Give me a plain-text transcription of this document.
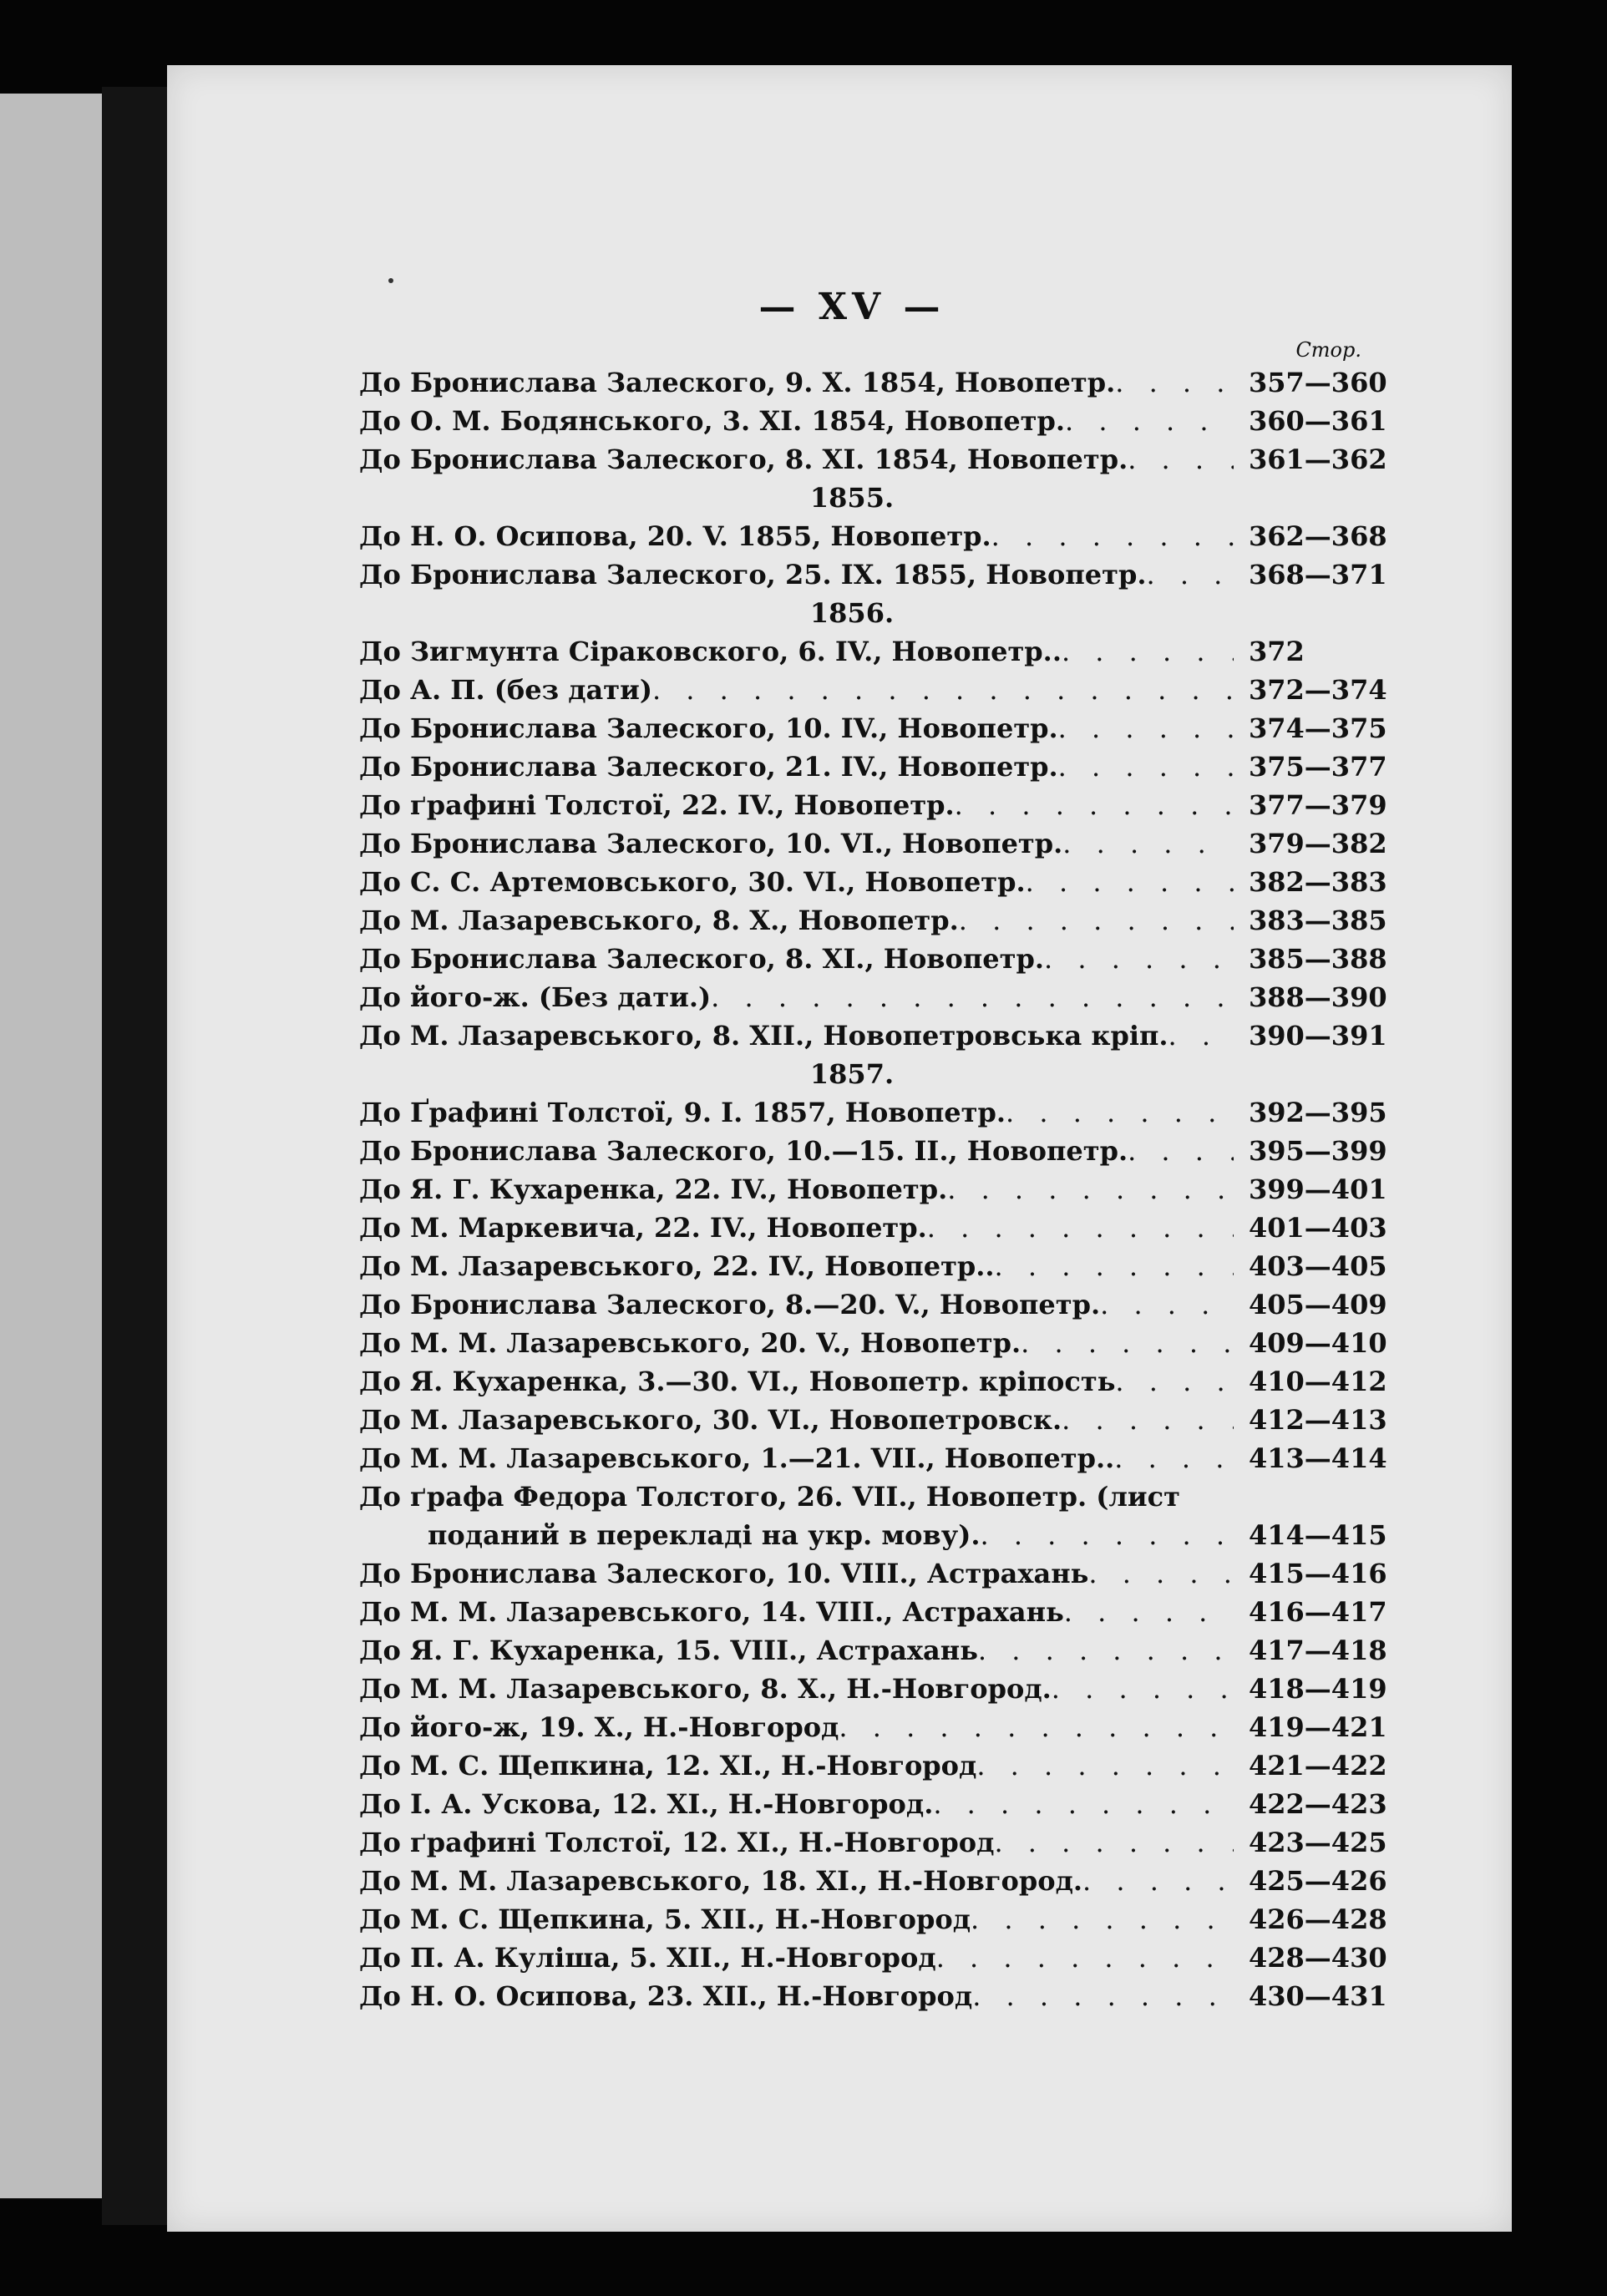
— XV —
Стор.
До Бронислава Залеского, 9. X. 1854, Новопетр. . . .	357—360
До О. М. Бодянського, 3. XI. 1854, Новопетр. . . .	360—361
До Бронислава Залеского, 8. XI. 1854, Новопетр. . . .	361—362
1855.
До Н. О. Осипова, 20. V. 1855, Новопетр. . . .	362—368
До Бронислава Залеского, 25. IX. 1855, Новопетр. . . .	368—371
1856.
До Зигмунта Сіраковского, 6. IV., Новопетр.. . . .	372
До А. П. (без дати) . . .	372—374
До Бронислава Залеского, 10. IV., Новопетр. . . .	374—375
До Бронислава Залеского, 21. IV., Новопетр. . . .	375—377
До ґрафині Толстої, 22. IV., Новопетр. . . .	377—379
До Бронислава Залеского, 10. VI., Новопетр. . . .	379—382
До С. С. Артемовського, 30. VI., Новопетр. . . .	382—383
До М. Лазаревського, 8. X., Новопетр. . . .	383—385
До Бронислава Залеского, 8. XI., Новопетр. . . .	385—388
До його-ж. (Без дати.) . . .	388—390
До М. Лазаревського, 8. XII., Новопетровська кріп. . . .	390—391
1857.
До Ґрафині Толстої, 9. I. 1857, Новопетр. . . .	392—395
До Бронислава Залеского, 10.—15. II., Новопетр. . . .	395—399
До Я. Г. Кухаренка, 22. IV., Новопетр. . . .	399—401
До М. Маркевича, 22. IV., Новопетр. . . .	401—403
До М. Лазаревського, 22. IV., Новопетр.. . . .	403—405
До Бронислава Залеского, 8.—20. V., Новопетр. . . .	405—409
До М. М. Лазаревського, 20. V., Новопетр. . . .	409—410
До Я. Кухаренка, 3.—30. VI., Новопетр. кріпость . . .	410—412
До М. Лазаревського, 30. VI., Новопетровск. . . .	412—413
До М. М. Лазаревського, 1.—21. VII., Новопетр.. . . .	413—414
До ґрафа Федора Толстого, 26. VII., Новопетр. (лист
поданий в перекладі на укр. мову). . . .	414—415
До Бронислава Залеского, 10. VIII., Астрахань . . .	415—416
До М. М. Лазаревського, 14. VIII., Астрахань . . .	416—417
До Я. Г. Кухаренка, 15. VIII., Астрахань . . .	417—418
До М. М. Лазаревського, 8. X., Н.-Новгород. . . .	418—419
До його-ж, 19. X., Н.-Новгород . . .	419—421
До М. С. Щепкина, 12. XI., Н.-Новгород . . .	421—422
До I. А. Ускова, 12. XI., Н.-Новгород. . . .	422—423
До ґрафині Толстої, 12. XI., Н.-Новгород . . .	423—425
До М. М. Лазаревського, 18. XI., Н.-Новгород. . . .	425—426
До М. С. Щепкина, 5. XII., Н.-Новгород . . .	426—428
До П. А. Куліша, 5. XII., Н.-Новгород . . .	428—430
До Н. О. Осипова, 23. XII., Н.-Новгород . . .	430—431
